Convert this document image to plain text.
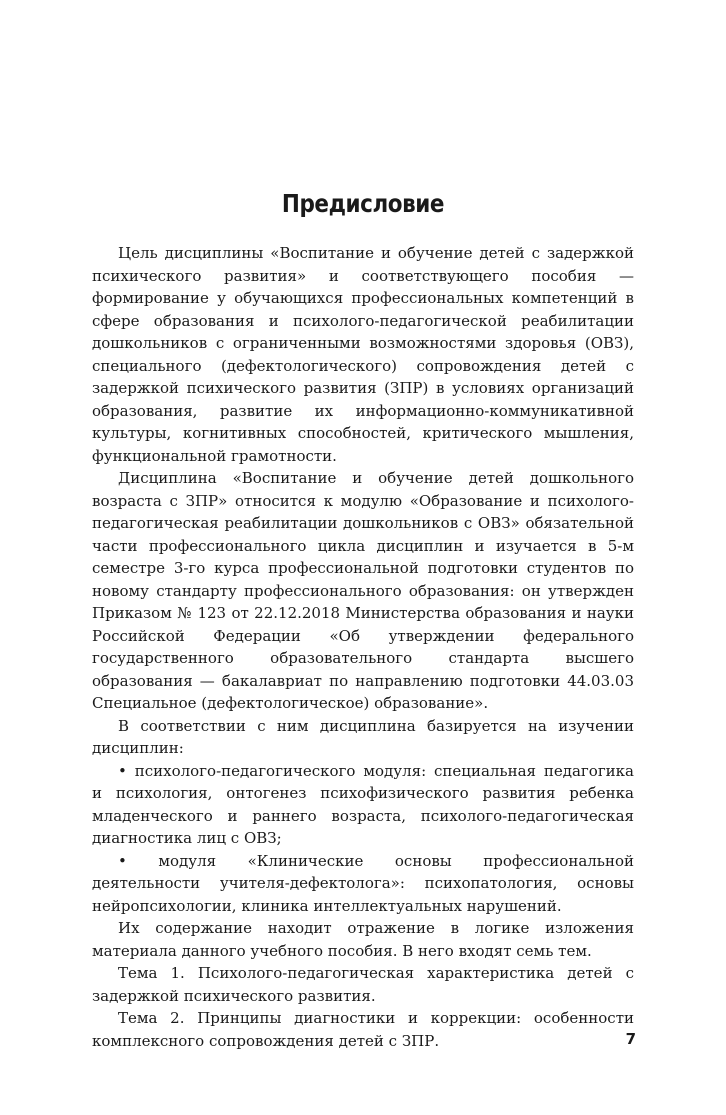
Предисловие

Цель дисциплины «Воспитание и обучение детей с задержкой психического развития» и соответствующего пособия — формирование у обучающихся профессиональных компетенций в сфере образования и психолого-педагогической реабилитации дошкольников с ограниченными возможностями здоровья (ОВЗ), специального (дефектологического) сопровождения детей с задержкой психического развития (ЗПР) в условиях организаций образования, развитие их информационно-коммуникативной культуры, когнитивных способностей, критического мышления, функциональной грамотности.

Дисциплина «Воспитание и обучение детей дошкольного возраста с ЗПР» относится к модулю «Образование и психолого-педагогическая реабилитации дошкольников с ОВЗ» обязательной части профессионального цикла дисциплин и изучается в 5-м семестре 3-го курса профессиональной подготовки студентов по новому стандарту профессионального образования: он утвержден Приказом № 123 от 22.12.2018 Министерства образования и науки Российской Федерации «Об утверждении федерального государственного образовательного стандарта высшего образования — бакалавриат по направлению подготовки 44.03.03 Специальное (дефектологическое) образование».

В соответствии с ним дисциплина базируется на изучении дисциплин:

• психолого-педагогического модуля: специальная педагогика и психология, онтогенез психофизического развития ребенка младенческого и раннего возраста, психолого-педагогическая диагностика лиц с ОВЗ;

• модуля «Клинические основы профессиональной деятельности учителя-дефектолога»: психопатология, основы нейропсихологии, клиника интеллектуальных нарушений.

Их содержание находит отражение в логике изложения материала данного учебного пособия. В него входят семь тем.

Тема 1. Психолого-педагогическая характеристика детей с задержкой психического развития.

Тема 2. Принципы диагностики и коррекции: особенности комплексного сопровождения детей с ЗПР.	7
